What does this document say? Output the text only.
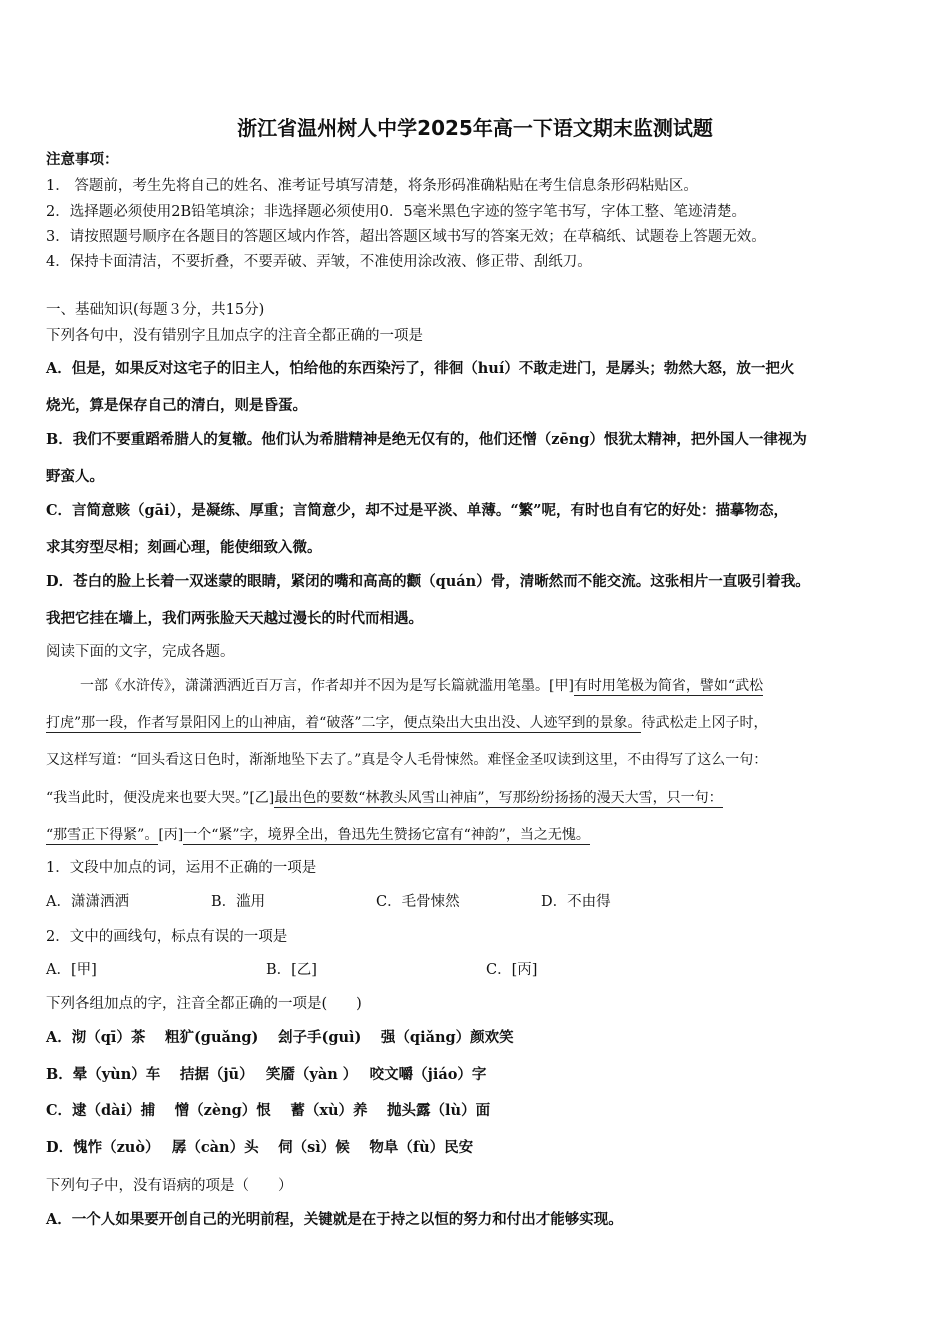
浙江省温州树人中学2025年高一下语文期末监测试题
注意事项：
1． 答题前，考生先将自己的姓名、准考证号填写清楚，将条形码准确粘贴在考生信息条形码粘贴区。
2．选择题必须使用2B铅笔填涂；非选择题必须使用0．5毫米黑色字迹的签字笔书写，字体工整、笔迹清楚。
3．请按照题号顺序在各题目的答题区域内作答，超出答题区域书写的答案无效；在草稿纸、试题卷上答题无效。
4．保持卡面清洁，不要折叠，不要弄破、弄皱，不准使用涂改液、修正带、刮纸刀。
一、基础知识(每题３分，共15分)
下列各句中，没有错别字且加点字的注音全都正确的一项是
A．但是，如果反对这宅子的旧主人，怕给他的东西染污了，徘徊（huí）不敢走进门，是孱头；勃然大怒，放一把火
烧光，算是保存自己的清白，则是昏蛋。
B．我们不要重蹈希腊人的复辙。他们认为希腊精神是绝无仅有的，他们还憎（zēng）恨犹太精神，把外国人一律视为
野蛮人。
C．言简意赅（gāi），是凝练、厚重；言简意少，却不过是平淡、单薄。“繁”呢，有时也自有它的好处：描摹物态，
求其穷型尽相；刻画心理，能使细致入微。
D．苍白的脸上长着一双迷蒙的眼睛，紧闭的嘴和高高的颧（quán）骨，清晰然而不能交流。这张相片一直吸引着我。
我把它挂在墙上，我们两张脸天天越过漫长的时代而相遇。
阅读下面的文字，完成各题。
一部《水浒传》，潇潇洒洒近百万言，作者却并不因为是写长篇就滥用笔墨。[甲]有时用笔极为简省，譬如“武松
打虎”那一段，作者写景阳冈上的山神庙，着“破落”二字，便点染出大虫出没、人迹罕到的景象。待武松走上冈子时，
又这样写道：“回头看这日色时，渐渐地坠下去了。”真是令人毛骨悚然。难怪金圣叹读到这里，不由得写了这么一句：
“我当此时，便没虎来也要大哭。”[乙]最出色的要数“林教头风雪山神庙”，写那纷纷扬扬的漫天大雪，只一句：
“那雪正下得紧”。[丙]一个“紧”字，境界全出，鲁迅先生赞扬它富有“神韵”，当之无愧。
1．文段中加点的词，运用不正确的一项是
A．潇潇洒洒	B．滥用	C．毛骨悚然	D．不由得
2．文中的画线句，标点有误的一项是
A．[甲]	B．[乙]	C．[丙]
下列各组加点的字，注音全都正确的一项是(　　)
A．沏（qī）茶　 粗犷(guǎng)　 刽子手(guì)　 强（qiǎng）颜欢笑
B．晕（yùn）车　 拮据（jū）　 笑靥（yàn ）　 咬文嚼（jiáo）字
C．逮（dài）捕　 憎（zèng）恨　 蓄（xù）养　 抛头露（lù）面
D．愧怍（zuò）　 孱（càn）头　 伺（sì）候　 物阜（fù）民安
下列句子中，没有语病的项是（　　）
A．一个人如果要开创自己的光明前程，关键就是在于持之以恒的努力和付出才能够实现。
